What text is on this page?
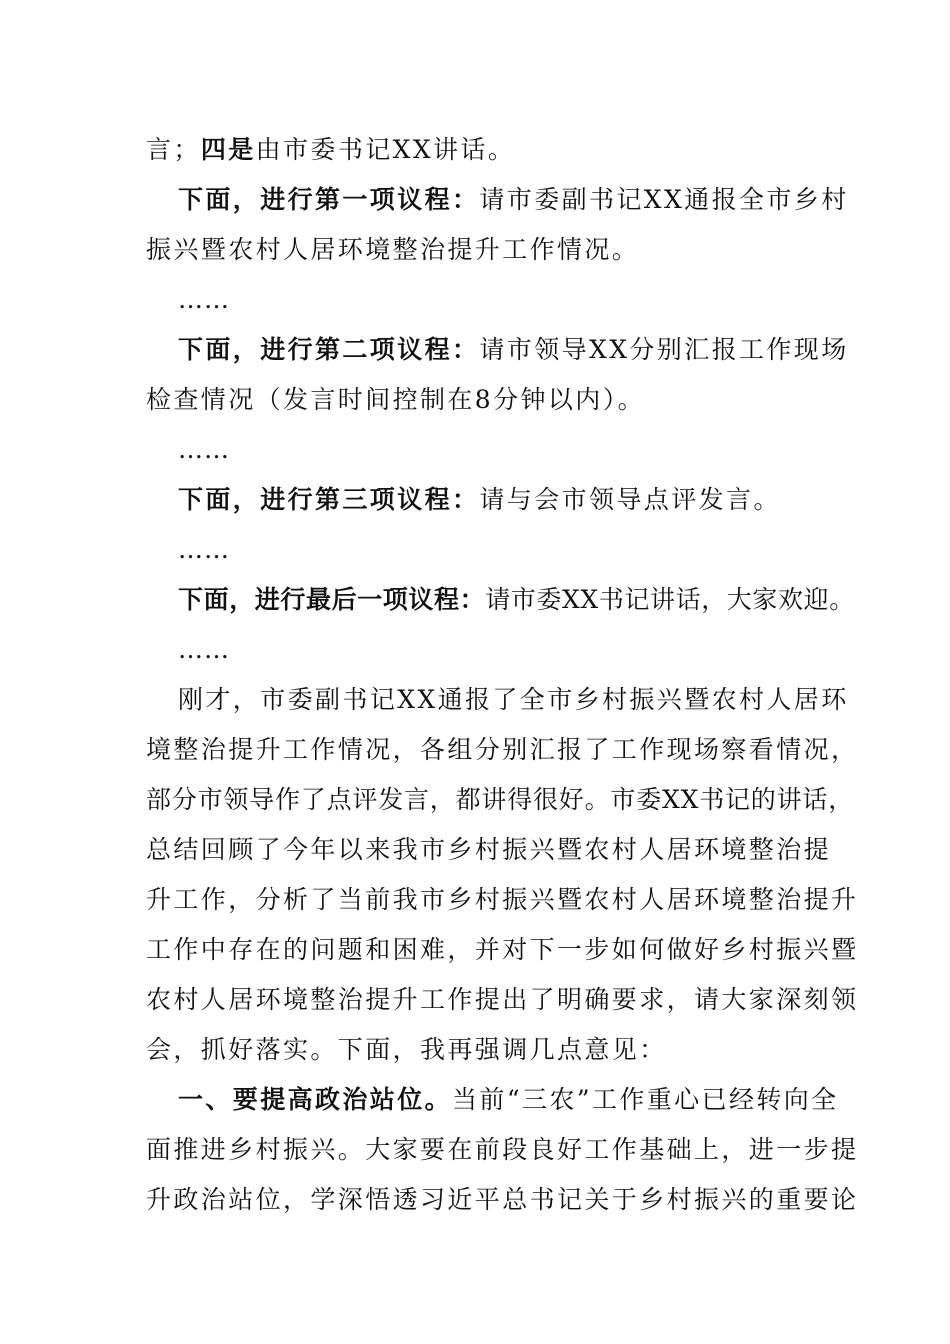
言；四是由市委书记XX讲话。
下面，进行第一项议程：请市委副书记XX通报全市乡村
振兴暨农村人居环境整治提升工作情况。
……
下面，进行第二项议程：请市领导XX分别汇报工作现场
检查情况（发言时间控制在8分钟以内）。
……
下面，进行第三项议程：请与会市领导点评发言。
……
下面，进行最后一项议程：请市委XX书记讲话，大家欢迎。
……
刚才，市委副书记XX通报了全市乡村振兴暨农村人居环
境整治提升工作情况，各组分别汇报了工作现场察看情况，
部分市领导作了点评发言，都讲得很好。市委XX书记的讲话，
总结回顾了今年以来我市乡村振兴暨农村人居环境整治提
升工作，分析了当前我市乡村振兴暨农村人居环境整治提升
工作中存在的问题和困难，并对下一步如何做好乡村振兴暨
农村人居环境整治提升工作提出了明确要求，请大家深刻领
会，抓好落实。下面，我再强调几点意见：
一、要提高政治站位。当前“三农”工作重心已经转向全
面推进乡村振兴。大家要在前段良好工作基础上，进一步提
升政治站位，学深悟透习近平总书记关于乡村振兴的重要论
